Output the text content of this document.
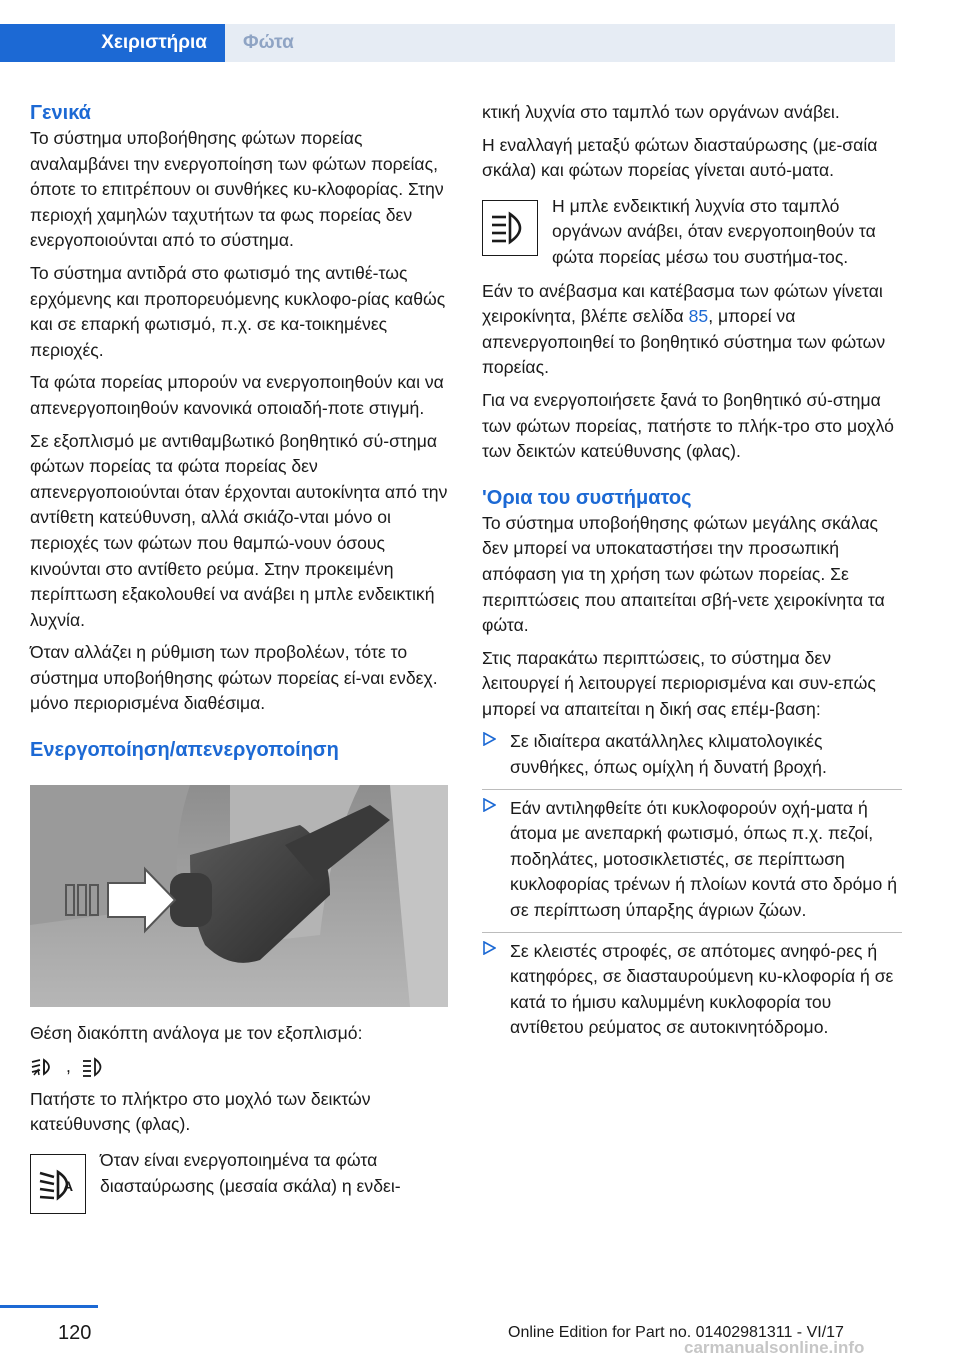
Χειριστήρια	Φώτα
Γενικά

Το σύστημα υποβοήθησης φώτων πορείας αναλαμβάνει την ενεργοποίηση των φώτων πορείας, όποτε το επιτρέπουν οι συνθήκες κυ-κλοφορίας. Στην περιοχή χαμηλών ταχυτήτων τα φως πορείας δεν ενεργοποιούνται από το σύστημα.

Το σύστημα αντιδρά στο φωτισμό της αντιθέ-τως ερχόμενης και προπορευόμενης κυκλοφο-ρίας καθώς και σε επαρκή φωτισμό, π.χ. σε κα-τοικημένες περιοχές.

Τα φώτα πορείας μπορούν να ενεργοποιηθούν και να απενεργοποιηθούν κανονικά οποιαδή-ποτε στιγμή.

Σε εξοπλισμό με αντιθαμβωτικό βοηθητικό σύ-στημα φώτων πορείας τα φώτα πορείας δεν απενεργοποιούνται όταν έρχονται αυτοκίνητα από την αντίθετη κατεύθυνση, αλλά σκιάζο-νται μόνο οι περιοχές των φώτων που θαμπώ-νουν όσους κινούνται στο αντίθετο ρεύμα. Στην προκειμένη περίπτωση εξακολουθεί να ανάβει η μπλε ενδεικτική λυχνία.

Όταν αλλάζει η ρύθμιση των προβολέων, τότε το σύστημα υποβοήθησης φώτων πορείας εί-ναι ενδεχ. μόνο περιορισμένα διαθέσιμα.

Ενεργοποίηση/απενεργοποίηση

Θέση διακόπτη ανάλογα με τον εξοπλισμό:

,

Πατήστε το πλήκτρο στο μοχλό των δεικτών κατεύθυνσης (φλας).

A
Όταν είναι ενεργοποιημένα τα φώτα διασταύρωσης (μεσαία σκάλα) η ενδει-

κτική λυχνία στο ταμπλό των οργάνων ανάβει.

Η εναλλαγή μεταξύ φώτων διασταύρωσης (με-σαία σκάλα) και φώτων πορείας γίνεται αυτό-ματα.

Η μπλε ενδεικτική λυχνία στο ταμπλό οργάνων ανάβει, όταν ενεργοποιηθούν τα φώτα πορείας μέσω του συστήμα-τος.

Εάν το ανέβασμα και κατέβασμα των φώτων γίνεται χειροκίνητα, βλέπε σελίδα 85, μπορεί να απενεργοποιηθεί το βοηθητικό σύστημα των φώτων πορείας.

Για να ενεργοποιήσετε ξανά το βοηθητικό σύ-στημα των φώτων πορείας, πατήστε το πλήκ-τρο στο μοχλό των δεικτών κατεύθυνσης (φλας).

'Ορια του συστήματος

Το σύστημα υποβοήθησης φώτων μεγάλης σκάλας δεν μπορεί να υποκαταστήσει την προσωπική απόφαση για τη χρήση των φώτων πορείας. Σε περιπτώσεις που απαιτείται σβή-νετε χειροκίνητα τα φώτα.

Στις παρακάτω περιπτώσεις, το σύστημα δεν λειτουργεί ή λειτουργεί περιορισμένα και συν-επώς μπορεί να απαιτείται η δική σας επέμ-βαση:

Σε ιδιαίτερα ακατάλληλες κλιματολογικές συνθήκες, όπως ομίχλη ή δυνατή βροχή.
Εάν αντιληφθείτε ότι κυκλοφορούν οχή-ματα ή άτομα με ανεπαρκή φωτισμό, όπως π.χ. πεζοί, ποδηλάτες, μοτοσικλετιστές, σε περίπτωση κυκλοφορίας τρένων ή πλοίων κοντά στο δρόμο ή σε περίπτωση ύπαρξης άγριων ζώων.
Σε κλειστές στροφές, σε απότομες ανηφό-ρες ή κατηφόρες, σε διασταυρούμενη κυ-κλοφορία ή σε κατά το ήμισυ καλυμμένη κυκλοφορία του αντίθετου ρεύματος σε αυτοκινητόδρομο.
120	Online Edition for Part no. 01402981311 - VI/17
carmanualsonline.info
